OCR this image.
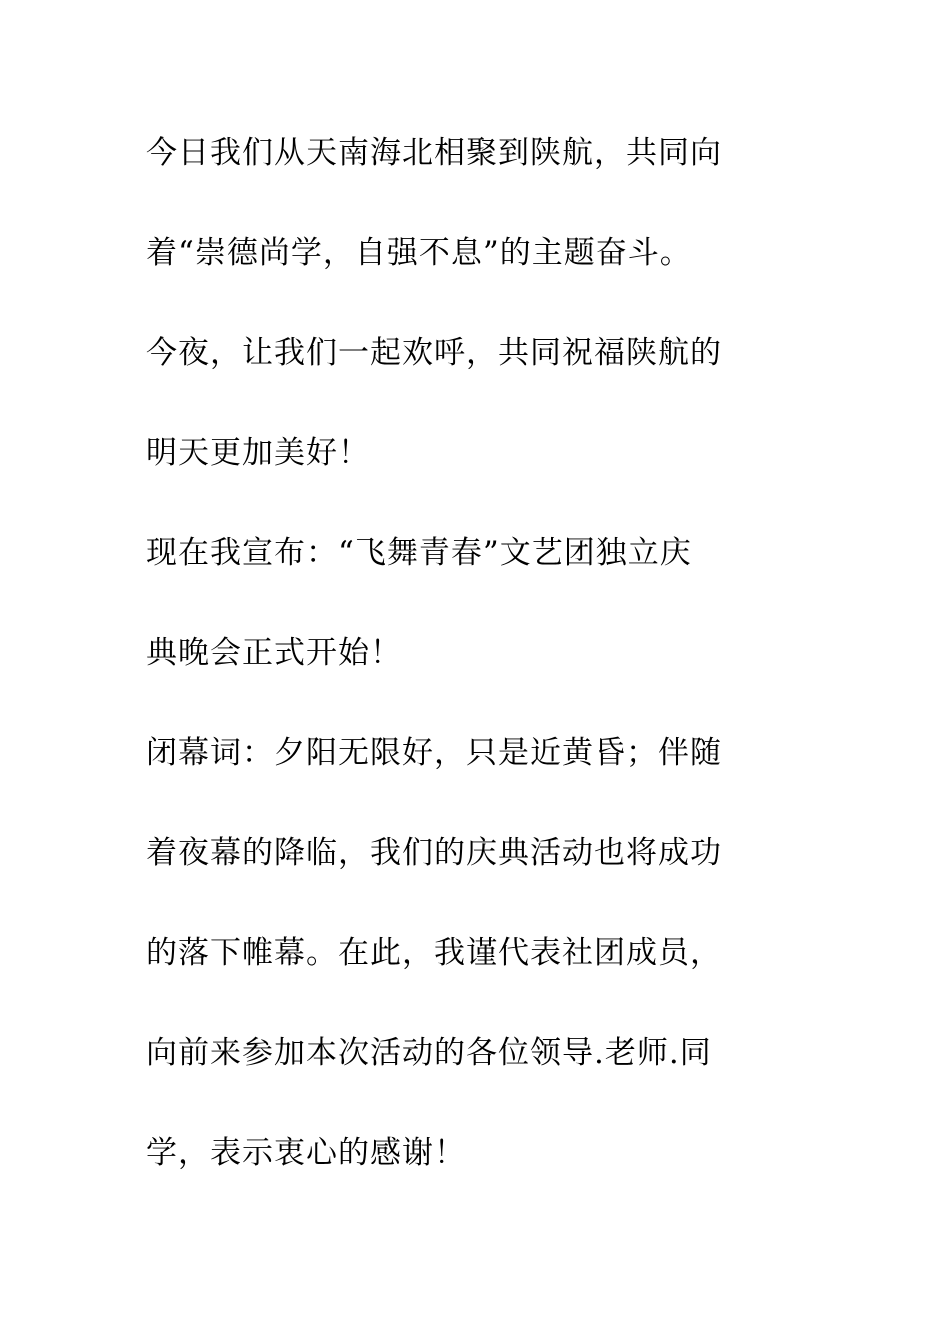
今日我们从天南海北相聚到陕航，共同向
着“崇德尚学，自强不息”的主题奋斗。
今夜，让我们一起欢呼，共同祝福陕航的
明天更加美好！
现在我宣布：“飞舞青春”文艺团独立庆
典晚会正式开始！
闭幕词：夕阳无限好，只是近黄昏；伴随
着夜幕的降临，我们的庆典活动也将成功
的落下帷幕。在此，我谨代表社团成员，
向前来参加本次活动的各位领导.老师.同
学，表示衷心的感谢！
